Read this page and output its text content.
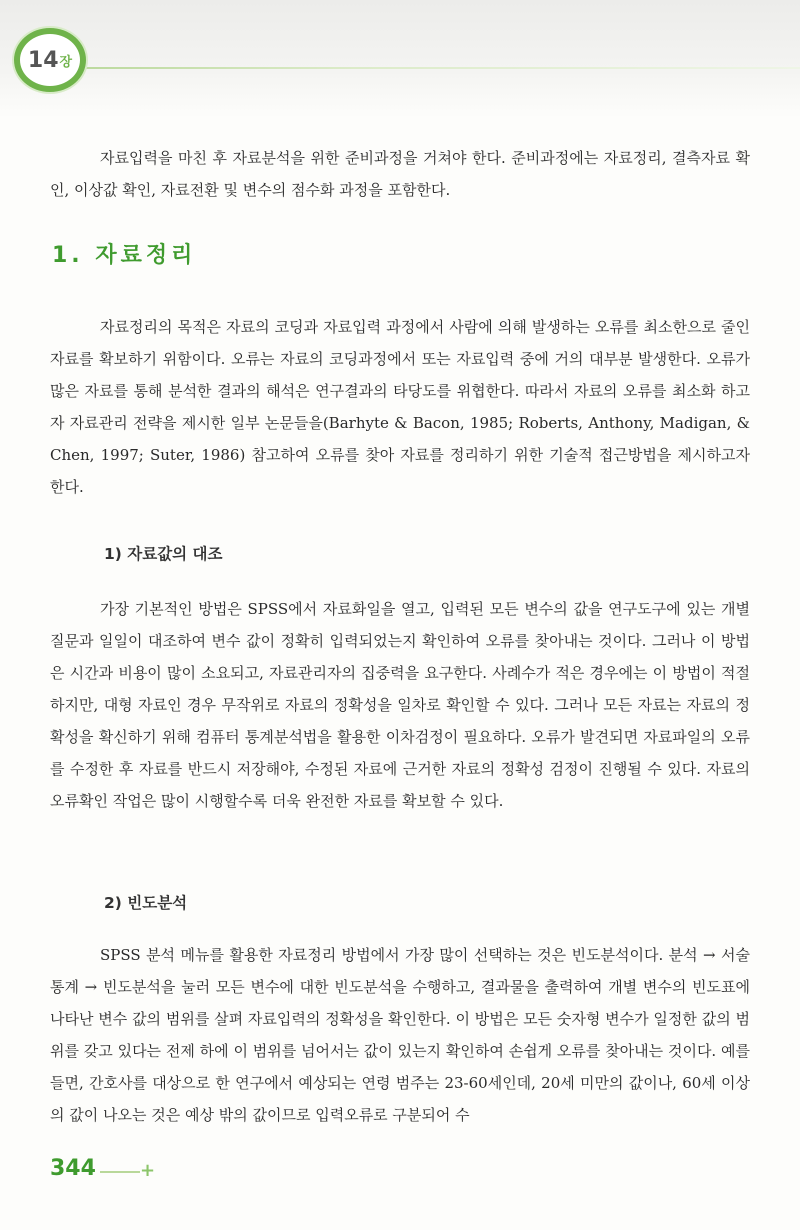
14 장

자료입력을 마친 후 자료분석을 위한 준비과정을 거쳐야 한다. 준비과정에는 자료정리, 결측자료 확인, 이상값 확인, 자료전환 및 변수의 점수화 과정을 포함한다.

1. 자료정리

자료정리의 목적은 자료의 코딩과 자료입력 과정에서 사람에 의해 발생하는 오류를 최소한으로 줄인 자료를 확보하기 위함이다. 오류는 자료의 코딩과정에서 또는 자료입력 중에 거의 대부분 발생한다. 오류가 많은 자료를 통해 분석한 결과의 해석은 연구결과의 타당도를 위협한다. 따라서 자료의 오류를 최소화 하고자 자료관리 전략을 제시한 일부 논문들을(Barhyte & Bacon, 1985; Roberts, Anthony, Madigan, & Chen, 1997; Suter, 1986) 참고하여 오류를 찾아 자료를 정리하기 위한 기술적 접근방법을 제시하고자 한다.

1) 자료값의 대조

가장 기본적인 방법은 SPSS에서 자료화일을 열고, 입력된 모든 변수의 값을 연구도구에 있는 개별 질문과 일일이 대조하여 변수 값이 정확히 입력되었는지 확인하여 오류를 찾아내는 것이다. 그러나 이 방법은 시간과 비용이 많이 소요되고, 자료관리자의 집중력을 요구한다. 사례수가 적은 경우에는 이 방법이 적절하지만, 대형 자료인 경우 무작위로 자료의 정확성을 일차로 확인할 수 있다. 그러나 모든 자료는 자료의 정확성을 확신하기 위해 컴퓨터 통계분석법을 활용한 이차검정이 필요하다. 오류가 발견되면 자료파일의 오류를 수정한 후 자료를 반드시 저장해야, 수정된 자료에 근거한 자료의 정확성 검정이 진행될 수 있다. 자료의 오류확인 작업은 많이 시행할수록 더욱 완전한 자료를 확보할 수 있다.

2) 빈도분석

SPSS 분석 메뉴를 활용한 자료정리 방법에서 가장 많이 선택하는 것은 빈도분석이다. 분석 → 서술통계 → 빈도분석을 눌러 모든 변수에 대한 빈도분석을 수행하고, 결과물을 출력하여 개별 변수의 빈도표에 나타난 변수 값의 범위를 살펴 자료입력의 정확성을 확인한다. 이 방법은 모든 숫자형 변수가 일정한 값의 범위를 갖고 있다는 전제 하에 이 범위를 넘어서는 값이 있는지 확인하여 손쉽게 오류를 찾아내는 것이다. 예를 들면, 간호사를 대상으로 한 연구에서 예상되는 연령 범주는 23-60세인데, 20세 미만의 값이나, 60세 이상의 값이 나오는 것은 예상 밖의 값이므로 입력오류로 구분되어 수

344 +
